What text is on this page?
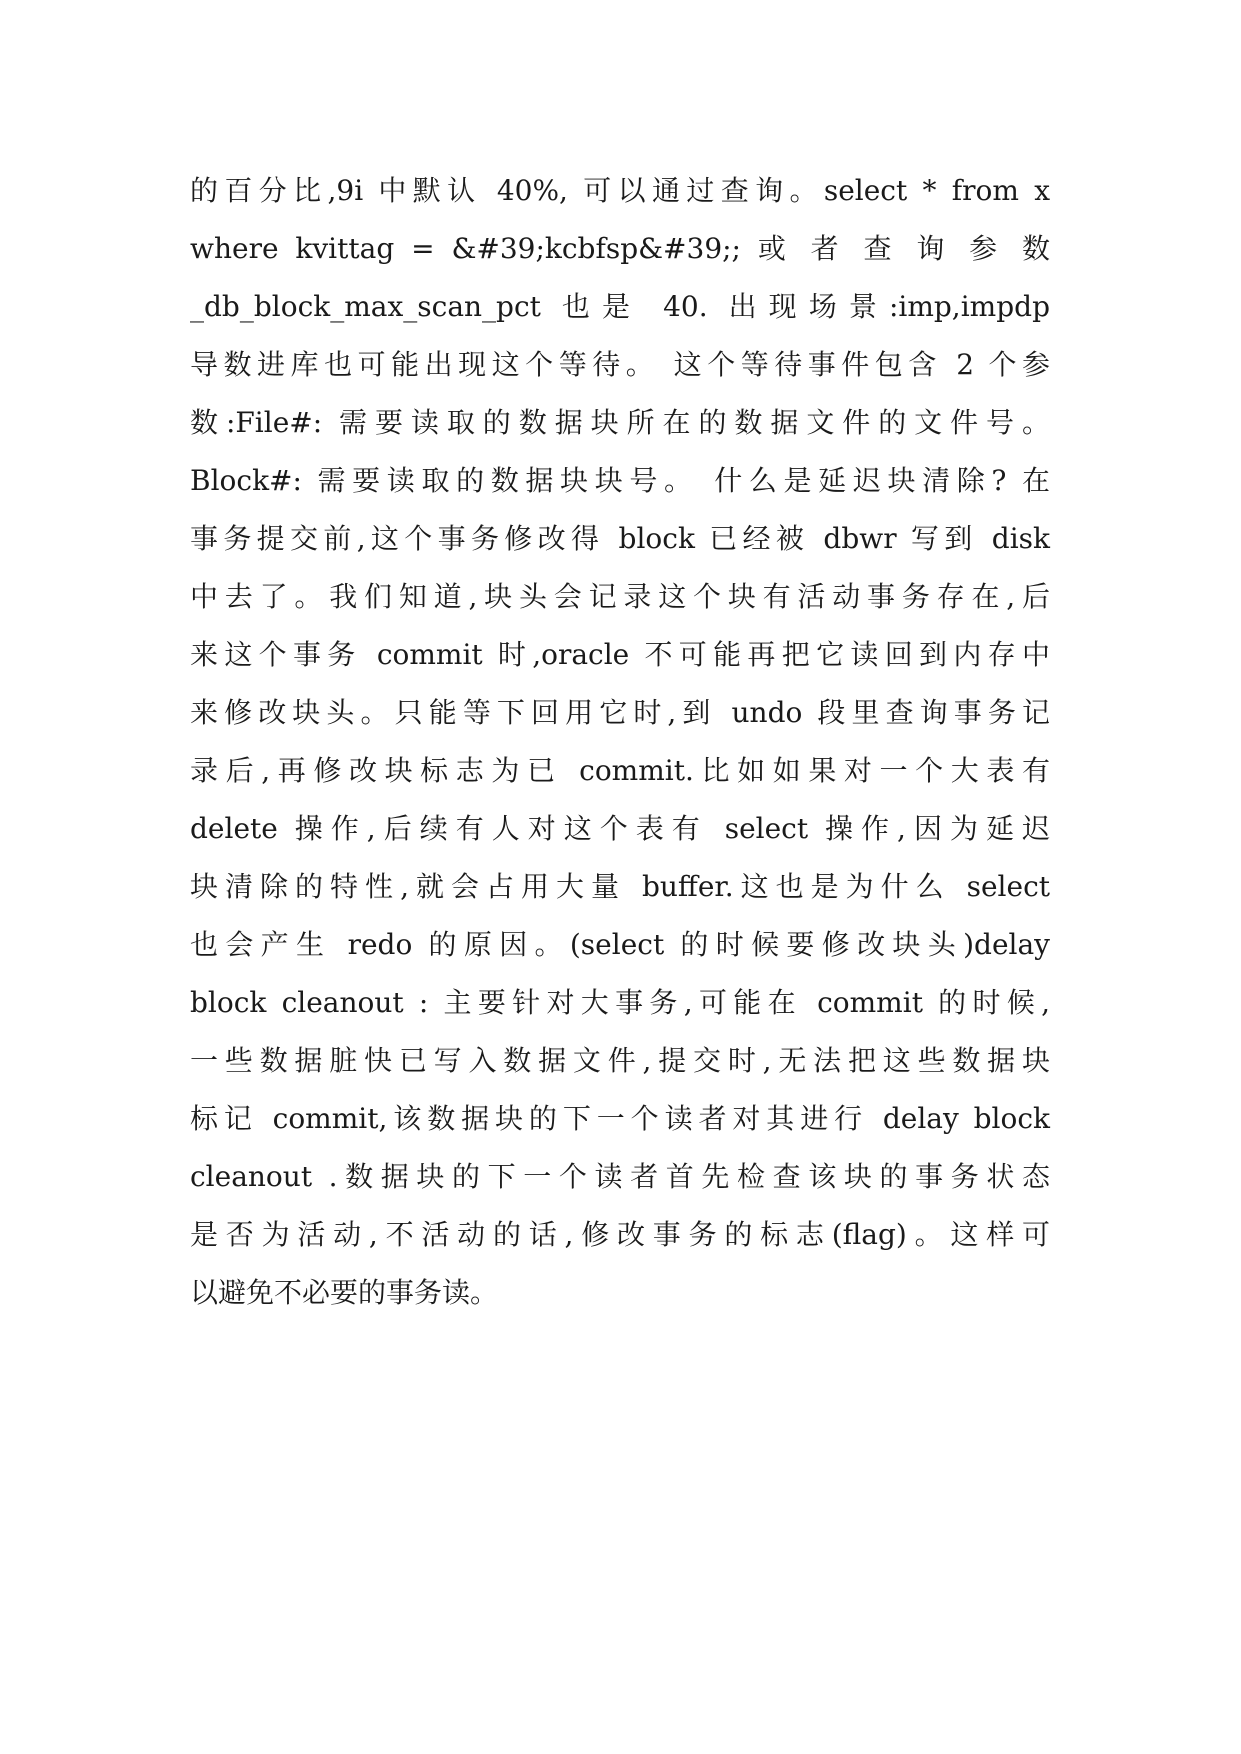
的百分比,9i 中默认 40%, 可以通过查询。select * from x
where kvittag = &#39;kcbfsp&#39;; 或 者 查 询 参 数
_db_block_max_scan_pct 也是 40. 出现场景:imp,impdp
导数进库也可能出现这个等待。 这个等待事件包含 2 个参
数:File#: 需要读取的数据块所在的数据文件的文件号。
Block#: 需要读取的数据块块号。 什么是延迟块清除? 在
事务提交前,这个事务修改得 block 已经被 dbwr 写到 disk
中去了。我们知道,块头会记录这个块有活动事务存在,后
来这个事务 commit 时,oracle 不可能再把它读回到内存中
来修改块头。只能等下回用它时,到 undo 段里查询事务记
录后,再修改块标志为已 commit.比如如果对一个大表有
delete 操作,后续有人对这个表有 select 操作,因为延迟
块清除的特性,就会占用大量 buffer.这也是为什么 select
也会产生 redo 的原因。(select 的时候要修改块头)delay
block cleanout : 主要针对大事务,可能在 commit 的时候,
一些数据脏快已写入数据文件,提交时,无法把这些数据块
标记 commit,该数据块的下一个读者对其进行 delay block
cleanout .数据块的下一个读者首先检查该块的事务状态
是否为活动,不活动的话,修改事务的标志(flag)。这样可
以避免不必要的事务读。
